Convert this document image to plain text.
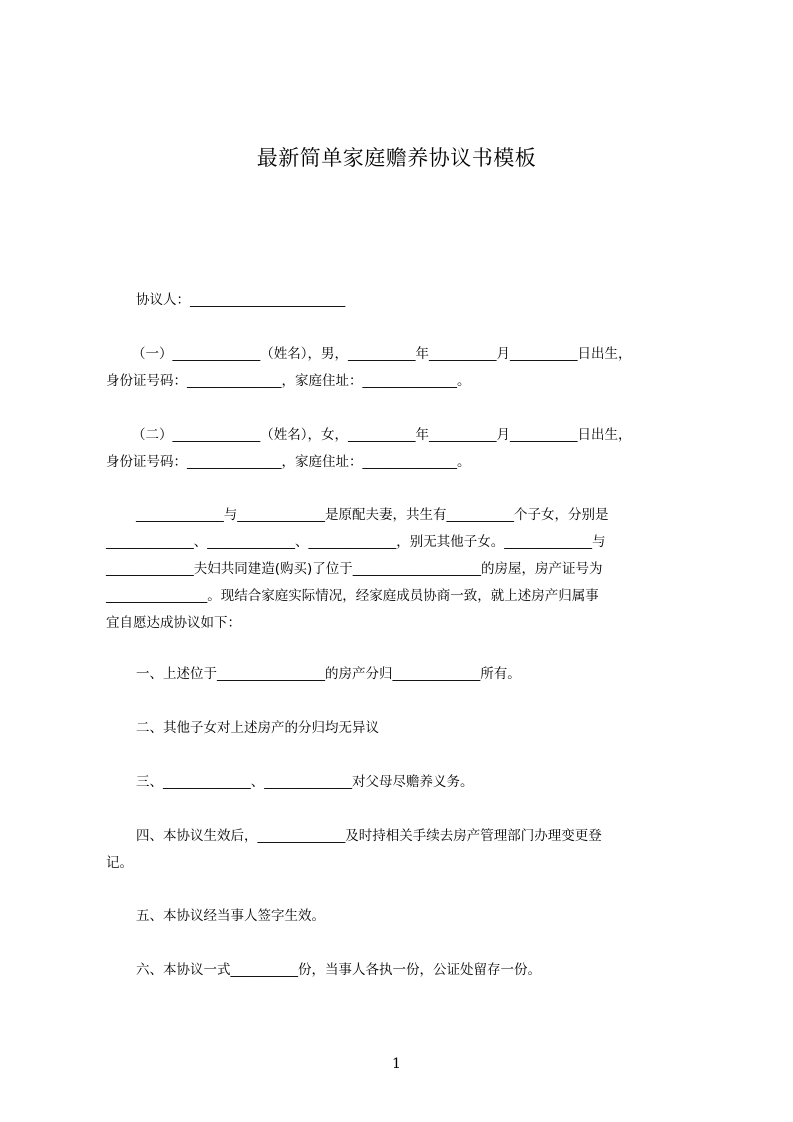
最新简单家庭赡养协议书模板
协议人：_______________________
（一）_____________（姓名），男，__________年__________月__________日出生，
身份证号码：______________，家庭住址：______________。
（二）_____________（姓名），女，__________年__________月__________日出生，
身份证号码：______________，家庭住址：______________。
_____________与_____________是原配夫妻，共生有__________个子女，分别是
_____________、_____________、_____________，别无其他子女。_____________与
_____________夫妇共同建造(购买)了位于___________________的房屋，房产证号为
_______________。现结合家庭实际情况，经家庭成员协商一致，就上述房产归属事
宜自愿达成协议如下：
一、上述位于________________的房产分归_____________所有。
二、其他子女对上述房产的分归均无异议
三、_____________、_____________对父母尽赡养义务。
四、本协议生效后，_____________及时持相关手续去房产管理部门办理变更登
记。
五、本协议经当事人签字生效。
六、本协议一式__________份，当事人各执一份，公证处留存一份。
1
